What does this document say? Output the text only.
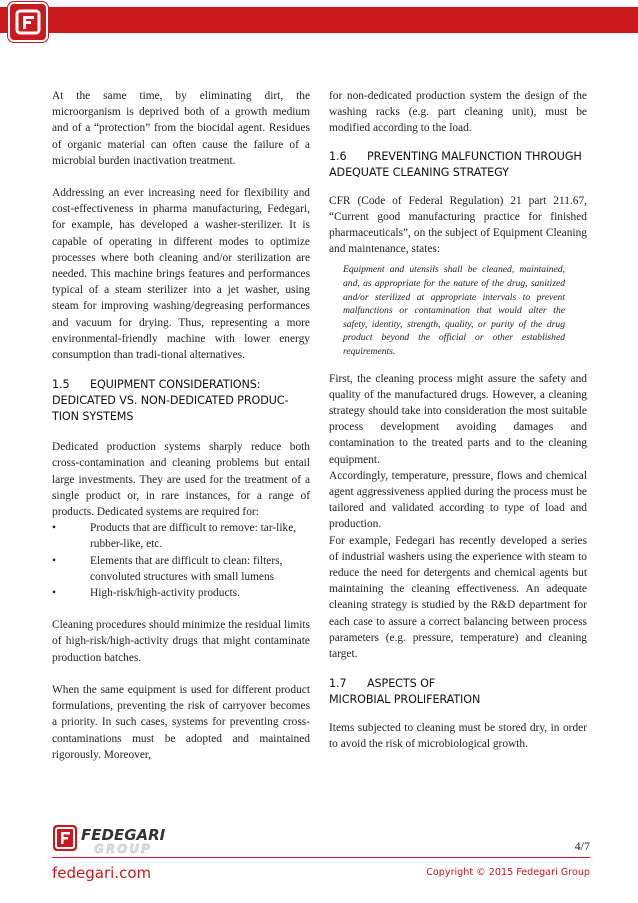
At the same time, by eliminating dirt, the microorganism is deprived both of a growth medium and of a “protection” from the biocidal agent. Residues of organic material can often cause the failure of a microbial burden inactivation treatment.

Addressing an ever increasing need for flexibility and cost-effectiveness in pharma manufacturing, Fedegari, for example, has developed a washer-sterilizer. It is capable of operating in different modes to optimize processes where both cleaning and/or sterilization are needed. This machine brings features and performances typical of a steam sterilizer into a jet washer, using steam for improving washing/degreasing performances and vacuum for drying. Thus, representing a more environmental-friendly machine with lower energy consumption than tradi-tional alternatives.

1.5 EQUIPMENT CONSIDERATIONS: DEDICATED VS. NON-DEDICATED PRODUC-TION SYSTEMS

Dedicated production systems sharply reduce both cross-contamination and cleaning problems but entail large investments. They are used for the treatment of a single product or, in rare instances, for a range of products. Dedicated systems are required for:

•	Products that are difficult to remove: tar-like, rubber-like, etc.
•	Elements that are difficult to clean: filters, convoluted structures with small lumens
•	High-risk/high-activity products.

Cleaning procedures should minimize the residual limits of high-risk/high-activity drugs that might contaminate production batches.

When the same equipment is used for different product formulations, preventing the risk of carryover becomes a priority. In such cases, systems for preventing cross-contaminations must be adopted and maintained rigorously. Moreover,

for non-dedicated production system the design of the washing racks (e.g. part cleaning unit), must be modified according to the load.

1.6 PREVENTING MALFUNCTION THROUGH ADEQUATE CLEANING STRATEGY

CFR (Code of Federal Regulation) 21 part 211.67, “Current good manufacturing practice for finished pharmaceuticals”, on the subject of Equipment Cleaning and maintenance, states:

Equipment and utensils shall be cleaned, maintained, and, as appropriate for the nature of the drug, sanitized and/or sterilized at appropriate intervals to prevent malfunctions or contamination that would alter the safety, identity, strength, quality, or purity of the drug product beyond the official or other established requirements.

First, the cleaning process might assure the safety and quality of the manufactured drugs. However, a cleaning strategy should take into consideration the most suitable process development avoiding damages and contamination to the treated parts and to the cleaning equipment.

Accordingly, temperature, pressure, flows and chemical agent aggressiveness applied during the process must be tailored and validated according to type of load and production.

For example, Fedegari has recently developed a series of industrial washers using the experience with steam to reduce the need for detergents and chemical agents but maintaining the cleaning effectiveness. An adequate cleaning strategy is studied by the R&D department for each case to assure a correct balancing between process parameters (e.g. pressure, temperature) and cleaning target.

1.7 ASPECTS OF
MICROBIAL PROLIFERATION

Items subjected to cleaning must be stored dry, in order to avoid the risk of microbiological growth.

FEDEGARI
GROUP	4/7
fedegari.com	Copyright © 2015 Fedegari Group
